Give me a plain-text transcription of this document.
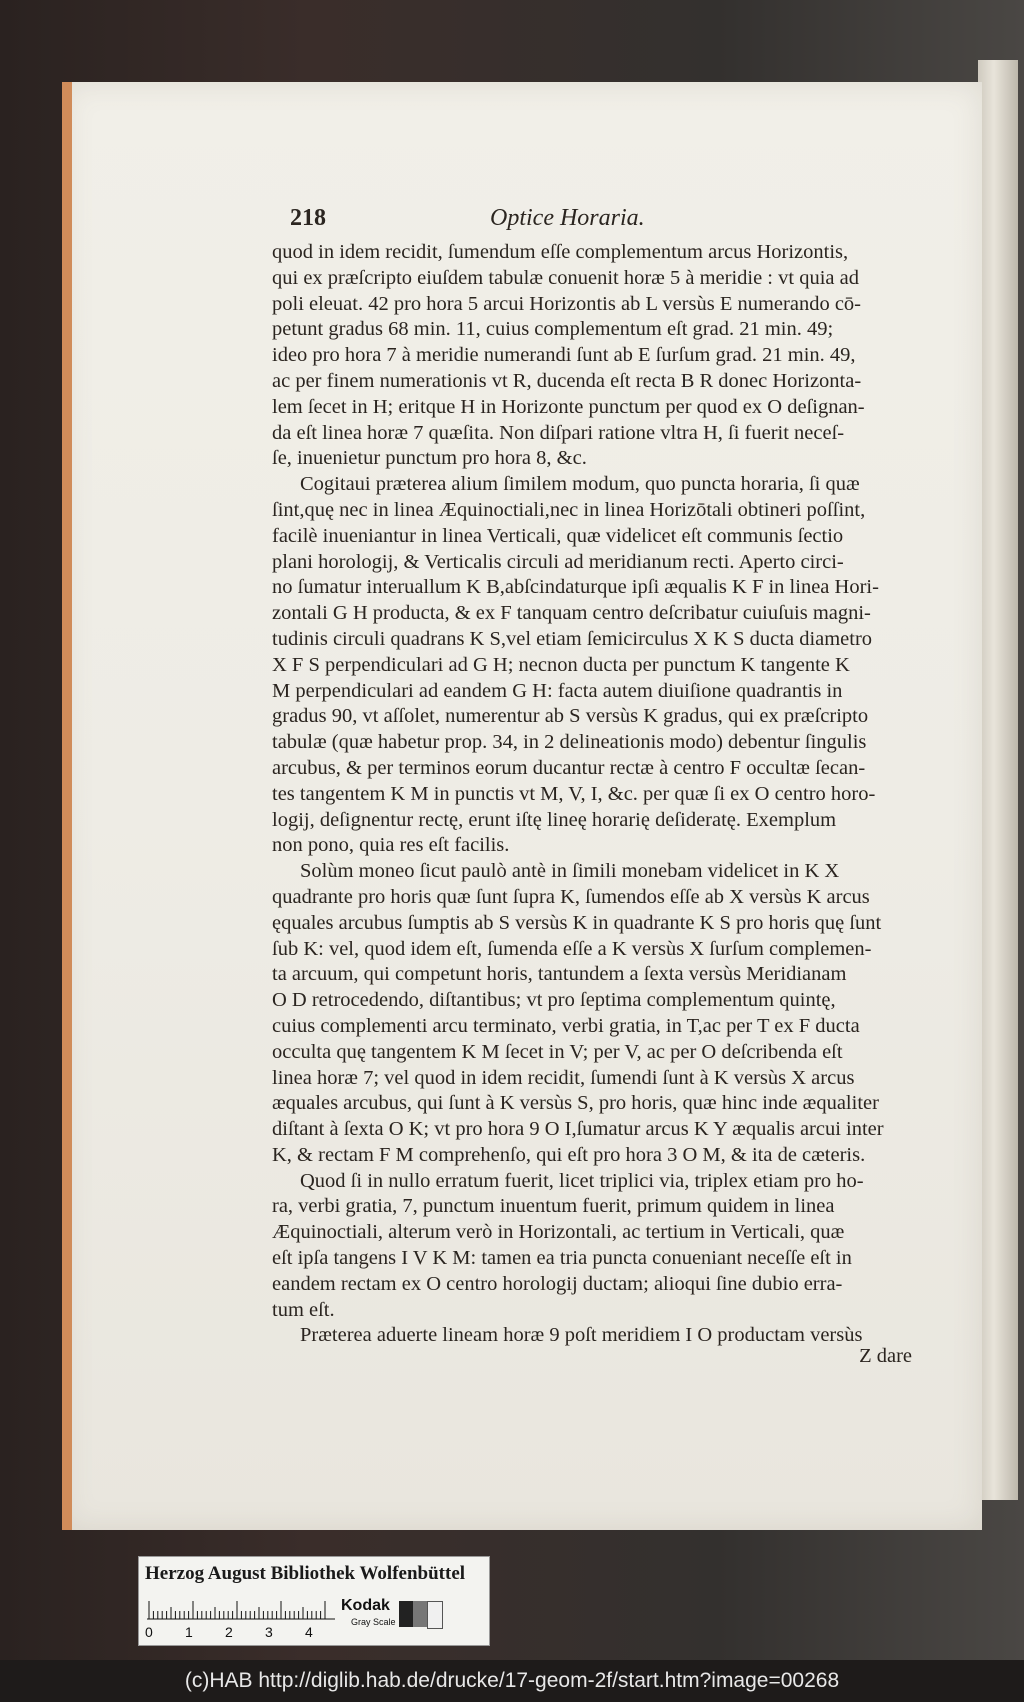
218	Optice Horaria.
quod in idem recidit, ſumendum eſſe complementum arcus Horizontis,
qui ex præſcripto eiuſdem tabulæ conuenit horæ 5 à meridie : vt quia ad
poli eleuat. 42 pro hora 5 arcui Horizontis ab L versùs E numerando cō-
petunt gradus 68 min. 11, cuius complementum eſt grad. 21 min. 49;
ideo pro hora 7 à meridie numerandi ſunt ab E ſurſum grad. 21 min. 49,
ac per finem numerationis vt R, ducenda eſt recta B R donec Horizonta-
lem ſecet in H; eritque H in Horizonte punctum per quod ex O deſignan-
da eſt linea horæ 7 quæſita. Non diſpari ratione vltra H, ſi fuerit neceſ-
ſe, inuenietur punctum pro hora 8, &c.
Cogitaui præterea alium ſimilem modum, quo puncta horaria, ſi quæ
ſint,quę nec in linea Æquinoctiali,nec in linea Horizōtali obtineri poſſint,
facilè inueniantur in linea Verticali, quæ videlicet eſt communis ſectio
plani horologij, & Verticalis circuli ad meridianum recti. Aperto circi-
no ſumatur interuallum K B,abſcindaturque ipſi æqualis K F in linea Hori-
zontali G H producta, & ex F tanquam centro deſcribatur cuiuſuis magni-
tudinis circuli quadrans K S,vel etiam ſemicirculus X K S ducta diametro
X F S perpendiculari ad G H; necnon ducta per punctum K tangente K
M perpendiculari ad eandem G H: facta autem diuiſione quadrantis in
gradus 90, vt aſſolet, numerentur ab S versùs K gradus, qui ex præſcripto
tabulæ (quæ habetur prop. 34, in 2 delineationis modo) debentur ſingulis
arcubus, & per terminos eorum ducantur rectæ à centro F occultæ ſecan-
tes tangentem K M in punctis vt M, V, I, &c. per quæ ſi ex O centro horo-
logij, deſignentur rectę, erunt iſtę lineę horarię deſideratę. Exemplum
non pono, quia res eſt facilis.
Solùm moneo ſicut paulò antè in ſimili monebam videlicet in K X
quadrante pro horis quæ ſunt ſupra K, ſumendos eſſe ab X versùs K arcus
ęquales arcubus ſumptis ab S versùs K in quadrante K S pro horis quę ſunt
ſub K: vel, quod idem eſt, ſumenda eſſe a K versùs X ſurſum complemen-
ta arcuum, qui competunt horis, tantundem a ſexta versùs Meridianam
O D retrocedendo, diſtantibus; vt pro ſeptima complementum quintę,
cuius complementi arcu terminato, verbi gratia, in T,ac per T ex F ducta
occulta quę tangentem K M ſecet in V; per V, ac per O deſcribenda eſt
linea horæ 7; vel quod in idem recidit, ſumendi ſunt à K versùs X arcus
æquales arcubus, qui ſunt à K versùs S, pro horis, quæ hinc inde æqualiter
diſtant à ſexta O K; vt pro hora 9 O I,ſumatur arcus K Y æqualis arcui inter
K, & rectam F M comprehenſo, qui eſt pro hora 3 O M, & ita de cæteris.
Quod ſi in nullo erratum fuerit, licet triplici via, triplex etiam pro ho-
ra, verbi gratia, 7, punctum inuentum fuerit, primum quidem in linea
Æquinoctiali, alterum verò in Horizontali, ac tertium in Verticali, quæ
eſt ipſa tangens I V K M: tamen ea tria puncta conueniant neceſſe eſt in
eandem rectam ex O centro horologij ductam; alioqui ſine dubio erra-
tum eſt.
Præterea aduerte lineam horæ 9 poſt meridiem I O productam versùs
Z dare
Herzog August Bibliothek Wolfenbüttel
0 1 2 3 4
Kodak
Gray Scale
(c)HAB http://diglib.hab.de/drucke/17-geom-2f/start.htm?image=00268
